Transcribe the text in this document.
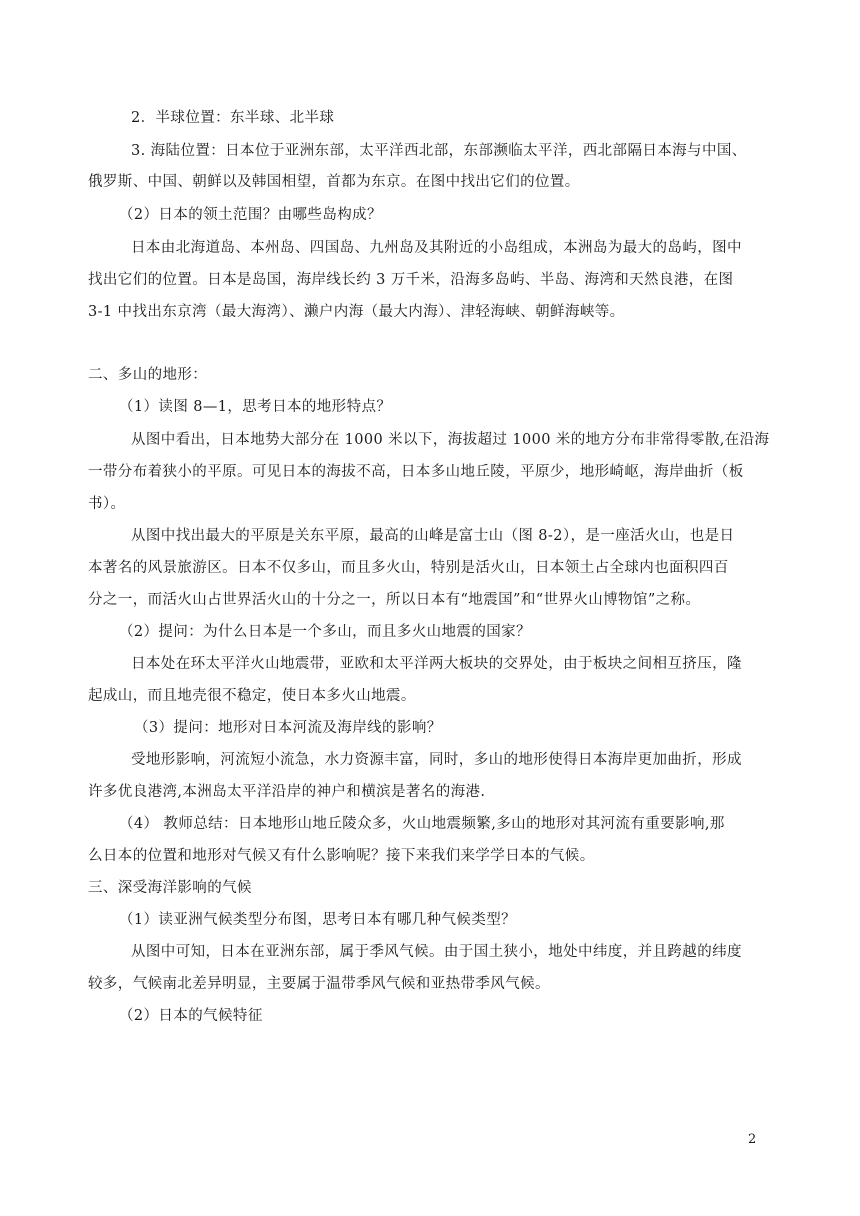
2．半球位置：东半球、北半球
3. 海陆位置：日本位于亚洲东部，太平洋西北部，东部濒临太平洋，西北部隔日本海与中国、
俄罗斯、中国、朝鲜以及韩国相望，首都为东京。在图中找出它们的位置。
（2）日本的领土范围？由哪些岛构成？
日本由北海道岛、本州岛、四国岛、九州岛及其附近的小岛组成，本洲岛为最大的岛屿，图中
找出它们的位置。日本是岛国，海岸线长约 3 万千米，沿海多岛屿、半岛、海湾和天然良港，在图
3-1 中找出东京湾（最大海湾）、濑户内海（最大内海）、津轻海峡、朝鲜海峡等。
二、多山的地形：
（1）读图 8—1，思考日本的地形特点？
从图中看出，日本地势大部分在 1000 米以下，海拔超过 1000 米的地方分布非常得零散,在沿海
一带分布着狭小的平原。可见日本的海拔不高，日本多山地丘陵，平原少，地形崎岖，海岸曲折（板
书）。
从图中找出最大的平原是关东平原，最高的山峰是富士山（图 8-2），是一座活火山，也是日
本著名的风景旅游区。日本不仅多山，而且多火山，特别是活火山，日本领土占全球内也面积四百
分之一，而活火山占世界活火山的十分之一，所以日本有“地震国”和“世界火山博物馆”之称。
（2）提问：为什么日本是一个多山，而且多火山地震的国家？
日本处在环太平洋火山地震带，亚欧和太平洋两大板块的交界处，由于板块之间相互挤压，隆
起成山，而且地壳很不稳定，使日本多火山地震。
（3）提问：地形对日本河流及海岸线的影响？
受地形影响，河流短小流急，水力资源丰富，同时，多山的地形使得日本海岸更加曲折，形成
许多优良港湾,本洲岛太平洋沿岸的神户和横滨是著名的海港.
（4） 教师总结：日本地形山地丘陵众多，火山地震频繁,多山的地形对其河流有重要影响,那
么日本的位置和地形对气候又有什么影响呢？接下来我们来学学日本的气候。
三、深受海洋影响的气候
（1）读亚洲气候类型分布图，思考日本有哪几种气候类型？
从图中可知，日本在亚洲东部，属于季风气候。由于国土狭小，地处中纬度，并且跨越的纬度
较多，气候南北差异明显，主要属于温带季风气候和亚热带季风气候。
（2）日本的气候特征
2
